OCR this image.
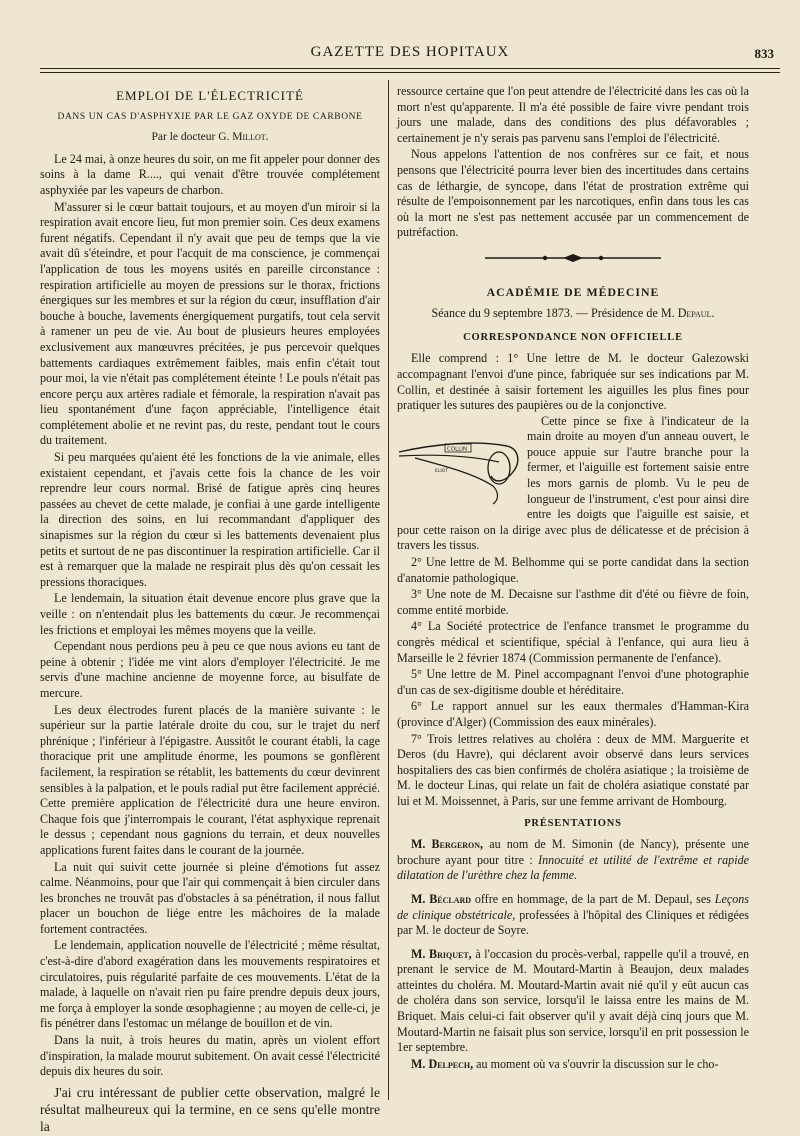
GAZETTE DES HOPITAUX	833
EMPLOI DE L'ÉLECTRICITÉ
DANS UN CAS D'ASPHYXIE PAR LE GAZ OXYDE DE CARBONE
Par le docteur G. Millot.

Le 24 mai, à onze heures du soir, on me fit appeler pour donner des soins à la dame R...., qui venait d'être trouvée complétement asphyxiée par les vapeurs de charbon.

M'assurer si le cœur battait toujours, et au moyen d'un miroir si la respiration avait encore lieu, fut mon premier soin. Ces deux examens furent négatifs. Cependant il n'y avait que peu de temps que la vie avait dû s'éteindre, et pour l'acquit de ma conscience, je commençai l'application de tous les moyens usités en pareille circonstance : respiration artificielle au moyen de pressions sur le thorax, frictions énergiques sur les membres et sur la région du cœur, insufflation d'air bouche à bouche, lavements énergiquement purgatifs, tout cela servit à ramener un peu de vie. Au bout de plusieurs heures employées exclusivement aux manœuvres précitées, je pus percevoir quelques battements cardiaques extrêmement faibles, mais enfin c'était tout pour moi, la vie n'était pas complétement éteinte ! Le pouls n'était pas encore perçu aux artères radiale et fémorale, la respiration n'avait pas lieu spontanément d'une façon appréciable, l'intelligence était complétement abolie et ne revint pas, du reste, pendant tout le cours du traitement.

Si peu marquées qu'aient été les fonctions de la vie animale, elles existaient cependant, et j'avais cette fois la chance de les voir reprendre leur cours normal. Brisé de fatigue après cinq heures passées au chevet de cette malade, je confiai à une garde intelligente la direction des soins, en lui recommandant d'appliquer des sinapismes sur la région du cœur si les battements devenaient plus petits et surtout de ne pas discontinuer la respiration artificielle. Car il est à remarquer que la malade ne respirait plus dès qu'on cessait les pressions thoraciques.

Le lendemain, la situation était devenue encore plus grave que la veille : on n'entendait plus les battements du cœur. Je recommençai les frictions et employai les mêmes moyens que la veille.

Cependant nous perdions peu à peu ce que nous avions eu tant de peine à obtenir ; l'idée me vint alors d'employer l'électricité. Je me servis d'une machine ancienne de moyenne force, au bisulfate de mercure.

Les deux électrodes furent placés de la manière suivante : le supérieur sur la partie latérale droite du cou, sur le trajet du nerf phrénique ; l'inférieur à l'épigastre. Aussitôt le courant établi, la cage thoracique prit une amplitude énorme, les poumons se gonflèrent facilement, la respiration se rétablit, les battements du cœur devinrent sensibles à la palpation, et le pouls radial put être facilement apprécié. Cette première application de l'électricité dura une heure environ. Chaque fois que j'interrompais le courant, l'état asphyxique reprenait le dessus ; cependant nous gagnions du terrain, et deux nouvelles applications furent faites dans le courant de la journée.

La nuit qui suivit cette journée si pleine d'émotions fut assez calme. Néanmoins, pour que l'air qui commençait à bien circuler dans les bronches ne trouvât pas d'obstacles à sa pénétration, il nous fallut placer un bouchon de liége entre les mâchoires de la malade fortement contractées.

Le lendemain, application nouvelle de l'électricité ; même résultat, c'est-à-dire d'abord exagération dans les mouvements respiratoires et circulatoires, puis régularité parfaite de ces mouvements. L'état de la malade, à laquelle on n'avait rien pu faire prendre depuis deux jours, me força à employer la sonde œsophagienne ; au moyen de celle-ci, je fis pénétrer dans l'estomac un mélange de bouillon et de vin.

Dans la nuit, à trois heures du matin, après un violent effort d'inspiration, la malade mourut subitement. On avait cessé l'électricité depuis dix heures du soir.

J'ai cru intéressant de publier cette observation, malgré le résultat malheureux qui la termine, en ce sens qu'elle montre la

ressource certaine que l'on peut attendre de l'électricité dans les cas où la mort n'est qu'apparente. Il m'a été possible de faire vivre pendant trois jours une malade, dans des conditions des plus défavorables ; certainement je n'y serais pas parvenu sans l'emploi de l'électricité.

Nous appelons l'attention de nos confrères sur ce fait, et nous pensons que l'électricité pourra lever bien des incertitudes dans certains cas de léthargie, de syncope, dans l'état de prostration extrême qui résulte de l'empoisonnement par les narcotiques, enfin dans tous les cas où la mort ne s'est pas nettement accusée par un commencement de putréfaction.

ACADÉMIE DE MÉDECINE
Séance du 9 septembre 1873. — Présidence de M. Depaul.
CORRESPONDANCE NON OFFICIELLE

Elle comprend : 1° Une lettre de M. le docteur Galezowski accompagnant l'envoi d'une pince, fabriquée sur ses indications par M. Collin, et destinée à saisir fortement les aiguilles les plus fines pour pratiquer les sutures des paupières ou de la conjonctive.

COLLIN
ELIOT

Cette pince se fixe à l'indicateur de la main droite au moyen d'un anneau ouvert, le pouce appuie sur l'autre branche pour la fermer, et l'aiguille est fortement saisie entre les mors garnis de plomb. Vu le peu de longueur de l'instrument, c'est pour ainsi dire entre les doigts que l'aiguille est saisie, et pour cette raison on la dirige avec plus de délicatesse et de précision à travers les tissus.

2° Une lettre de M. Belhomme qui se porte candidat dans la section d'anatomie pathologique.

3° Une note de M. Decaisne sur l'asthme dit d'été ou fièvre de foin, comme entité morbide.

4° La Société protectrice de l'enfance transmet le programme du congrès médical et scientifique, spécial à l'enfance, qui aura lieu à Marseille le 2 février 1874 (Commission permanente de l'enfance).

5° Une lettre de M. Pinel accompagnant l'envoi d'une photographie d'un cas de sex-digitisme double et héréditaire.

6° Le rapport annuel sur les eaux thermales d'Hamman-Kira (province d'Alger) (Commission des eaux minérales).

7° Trois lettres relatives au choléra : deux de MM. Marguerite et Deros (du Havre), qui déclarent avoir observé dans leurs services hospitaliers des cas bien confirmés de choléra asiatique ; la troisième de M. le docteur Linas, qui relate un fait de choléra asiatique constaté par lui et M. Moissennet, à Paris, sur une femme arrivant de Hombourg.

PRÉSENTATIONS

M. Bergeron, au nom de M. Simonin (de Nancy), présente une brochure ayant pour titre : Innocuité et utilité de l'extrême et rapide dilatation de l'urèthre chez la femme.

M. Béclard offre en hommage, de la part de M. Depaul, ses Leçons de clinique obstétricale, professées à l'hôpital des Cliniques et rédigées par M. le docteur de Soyre.

M. Briquet, à l'occasion du procès-verbal, rappelle qu'il a trouvé, en prenant le service de M. Moutard-Martin à Beaujon, deux malades atteintes du choléra. M. Moutard-Martin avait nié qu'il y eût aucun cas de choléra dans son service, lorsqu'il le laissa entre les mains de M. Briquet. Mais celui-ci fait observer qu'il y avait déjà cinq jours que M. Moutard-Martin ne faisait plus son service, lorsqu'il en prit possession le 1er septembre.

M. Delpech, au moment où va s'ouvrir la discussion sur le cho-
